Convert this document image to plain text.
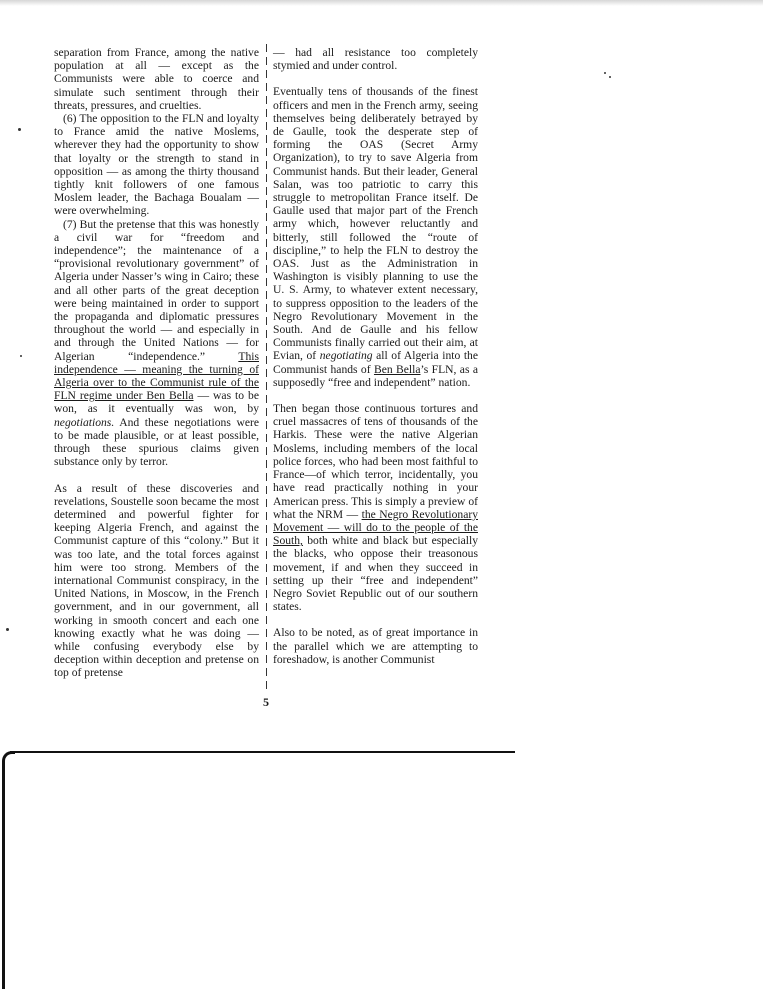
separation from France, among the native population at all — except as the Communists were able to coerce and simulate such sentiment through their threats, pressures, and cruelties.

(6) The opposition to the FLN and loyalty to France amid the native Moslems, wherever they had the opportunity to show that loyalty or the strength to stand in opposition — as among the thirty thousand tightly knit followers of one famous Moslem leader, the Bachaga Boualam — were overwhelming.

(7) But the pretense that this was honestly a civil war for “freedom and independence”; the maintenance of a “provisional revolutionary government” of Algeria under Nasser’s wing in Cairo; these and all other parts of the great deception were being maintained in order to support the propaganda and diplomatic pressures throughout the world — and especially in and through the United Nations — for Algerian “independence.” This independence — meaning the turning of Algeria over to the Communist rule of the FLN regime under Ben Bella — was to be won, as it eventually was won, by negotiations. And these negotiations were to be made plausible, or at least possible, through these spurious claims given substance only by terror.

As a result of these discoveries and revelations, Soustelle soon became the most determined and powerful fighter for keeping Algeria French, and against the Communist capture of this “colony.” But it was too late, and the total forces against him were too strong. Members of the international Communist conspiracy, in the United Nations, in Moscow, in the French government, and in our government, all working in smooth concert and each one knowing exactly what he was doing — while confusing everybody else by deception within deception and pretense on top of pretense

— had all resistance too completely stymied and under control.

Eventually tens of thousands of the finest officers and men in the French army, seeing themselves being deliberately betrayed by de Gaulle, took the desperate step of forming the OAS (Secret Army Organization), to try to save Algeria from Communist hands. But their leader, General Salan, was too patriotic to carry this struggle to metropolitan France itself. De Gaulle used that major part of the French army which, however reluctantly and bitterly, still followed the “route of discipline,” to help the FLN to destroy the OAS. Just as the Administration in Washington is visibly planning to use the U. S. Army, to whatever extent necessary, to suppress opposition to the leaders of the Negro Revolutionary Movement in the South. And de Gaulle and his fellow Communists finally carried out their aim, at Evian, of negotiating all of Algeria into the Communist hands of Ben Bella’s FLN, as a supposedly “free and independent” nation.

Then began those continuous tortures and cruel massacres of tens of thousands of the Harkis. These were the native Algerian Moslems, including members of the local police forces, who had been most faithful to France—of which terror, incidentally, you have read practically nothing in your American press. This is simply a preview of what the NRM — the Negro Revolutionary Movement — will do to the people of the South, both white and black but especially the blacks, who oppose their treasonous movement, if and when they succeed in setting up their “free and independent” Negro Soviet Republic out of our southern states.

Also to be noted, as of great importance in the parallel which we are attempting to foreshadow, is another Communist

5
